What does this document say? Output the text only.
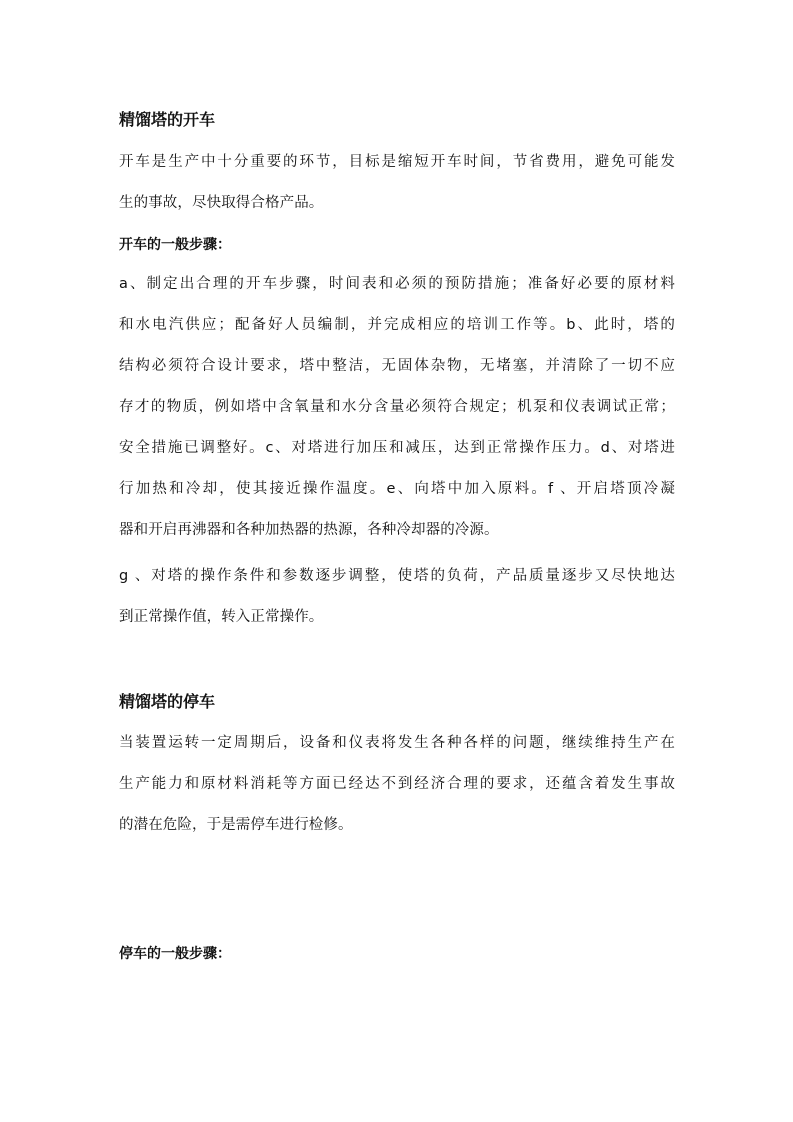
精馏塔的开车
开车是生产中十分重要的环节，目标是缩短开车时间，节省费用，避免可能发
生的事故，尽快取得合格产品。
开车的一般步骤：
a、制定出合理的开车步骤，时间表和必须的预防措施；准备好必要的原材料
和水电汽供应；配备好人员编制，并完成相应的培训工作等。b、此时，塔的
结构必须符合设计要求，塔中整洁，无固体杂物，无堵塞，并清除了一切不应
存才的物质，例如塔中含氧量和水分含量必须符合规定；机泵和仪表调试正常；
安全措施已调整好。c、对塔进行加压和减压，达到正常操作压力。d、对塔进
行加热和冷却，使其接近操作温度。e、向塔中加入原料。f 、开启塔顶冷凝
器和开启再沸器和各种加热器的热源，各种冷却器的冷源。
g 、对塔的操作条件和参数逐步调整，使塔的负荷，产品质量逐步又尽快地达
到正常操作值，转入正常操作。
精馏塔的停车
当装置运转一定周期后，设备和仪表将发生各种各样的问题，继续维持生产在
生产能力和原材料消耗等方面已经达不到经济合理的要求，还蕴含着发生事故
的潜在危险，于是需停车进行检修。
停车的一般步骤：
